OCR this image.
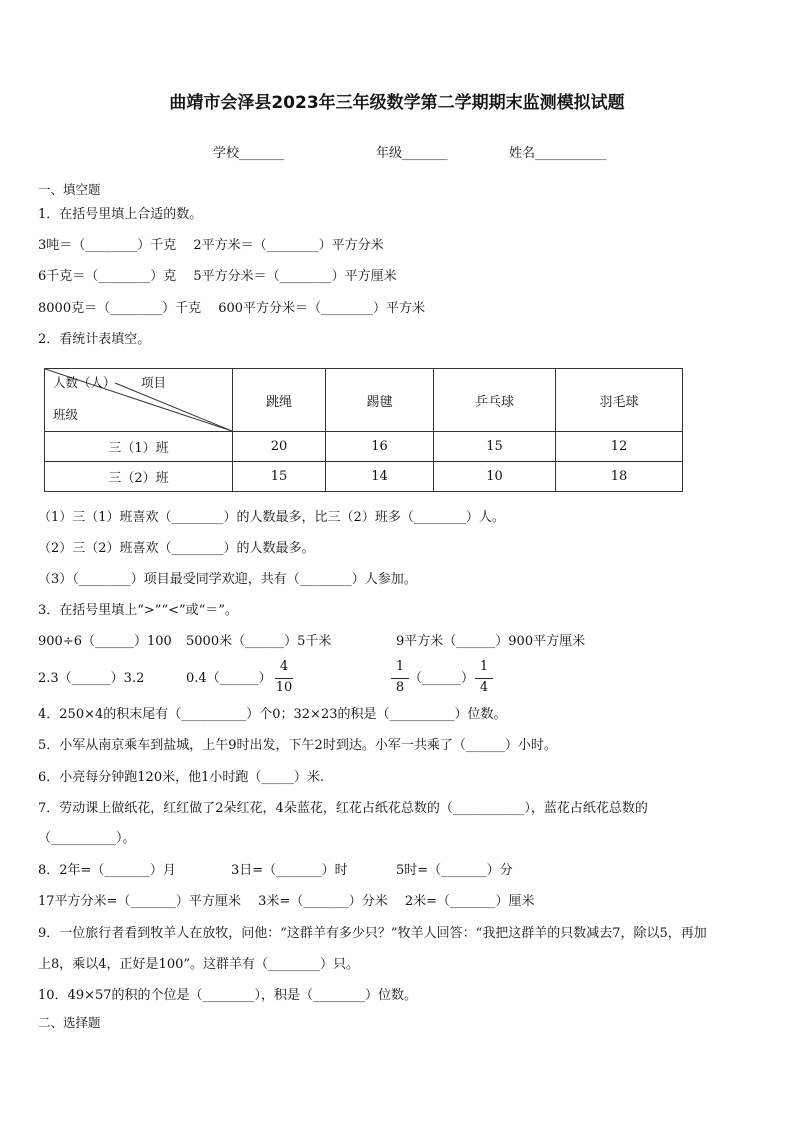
曲靖市会泽县2023年三年级数学第二学期期末监测模拟试题
学校_______	年级_______	姓名___________
一、填空题
1．在括号里填上合适的数。
3吨＝（________）千克　 2平方米＝（________）平方分米
6千克＝（________）克　 5平方分米＝（________）平方厘米
8000克＝（________）千克　 600平方分米＝（________）平方米
2．看统计表填空。
人数（人） 项目
班级	跳绳	踢毽	乒乓球	羽毛球
三（1）班	20	16	15	12
三（2）班	15	14	10	18
（1）三（1）班喜欢（________）的人数最多，比三（2）班多（________）人。
（2）三（2）班喜欢（________）的人数最多。
（3）（________）项目最受同学欢迎，共有（________）人参加。
3．在括号里填上“>”“<”或“＝”。
900÷6（______）100 5000米（______）5千米	9平方米（______）900平方厘米
2.3（______）3.2	0.4（______）
4
10
1
8
（______）
1
4
4．250×4的积末尾有（__________）个0；32×23的积是（__________）位数。
5．小军从南京乘车到盐城，上午9时出发，下午2时到达。小军一共乘了（______）小时。
6．小亮每分钟跑120米，他1小时跑（_____）米.
7．劳动课上做纸花，红红做了2朵红花，4朵蓝花，红花占纸花总数的（___________），蓝花占纸花总数的
（__________）。
8．2年=（_______）月	3日=（_______）时	5时=（_______）分
17平方分米=（_______）平方厘米　 3米=（_______）分米　 2米=（_______）厘米
9．一位旅行者看到牧羊人在放牧，问他：“这群羊有多少只？”牧羊人回答：“我把这群羊的只数减去7，除以5，再加
上8，乘以4，正好是100”。这群羊有（________）只。
10．49×57的积的个位是（________），积是（________）位数。
二、选择题
